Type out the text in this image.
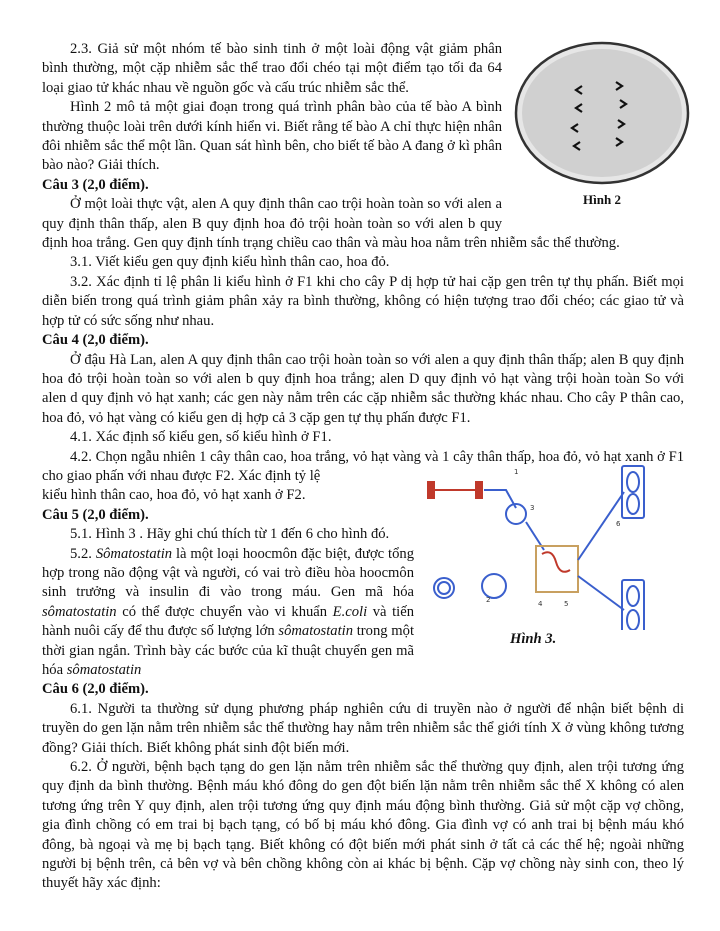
Hình 2

2.3. Giả sử một nhóm tế bào sinh tinh ở một loài động vật giảm phân bình thường, một cặp nhiễm sắc thể trao đổi chéo tại một điểm tạo tối đa 64 loại giao tử khác nhau về nguồn gốc và cấu trúc nhiễm sắc thể.

Hình 2 mô tả một giai đoạn trong quá trình phân bào của tế bào A bình thường thuộc loài trên dưới kính hiển vi. Biết rằng tế bào A chỉ thực hiện nhân đôi nhiễm sắc thể một lần. Quan sát hình bên, cho biết tế bào A đang ở kì phân bào nào? Giải thích.

Câu 3 (2,0 điểm).

Ở một loài thực vật, alen A quy định thân cao trội hoàn toàn so với alen a quy định thân thấp, alen B quy định hoa đỏ trội hoàn toàn so với alen b quy định hoa trắng. Gen quy định tính trạng chiều cao thân và màu hoa nằm trên nhiễm sắc thể thường.

3.1. Viết kiểu gen quy định kiểu hình thân cao, hoa đỏ.

3.2. Xác định tỉ lệ phân li kiểu hình ở F1 khi cho cây P dị hợp tử hai cặp gen trên tự thụ phấn. Biết mọi diễn biến trong quá trình giảm phân xảy ra bình thường, không có hiện tượng trao đổi chéo; các giao tử và hợp tử có sức sống như nhau.

Câu 4 (2,0 điểm).

Ở đậu Hà Lan, alen A quy định thân cao trội hoàn toàn so với alen a quy định thân thấp; alen B quy định hoa đỏ trội hoàn toàn so với alen b quy định hoa trắng; alen D quy định vỏ hạt vàng trội hoàn toàn So với alen d quy định vỏ hạt xanh; các gen này nằm trên các cặp nhiễm sắc thường khác nhau. Cho cây P thân cao, hoa đỏ, vỏ hạt vàng có kiểu gen dị hợp cả 3 cặp gen tự thụ phấn được F1.

4.1. Xác định số kiểu gen, số kiểu hình ở F1.

4.2. Chọn ngẫu nhiên 1 cây thân cao, hoa trắng, vỏ hạt vàng và 1 cây thân thấp, hoa đỏ, vỏ hạt xanh ở F1 cho giao phấn với nhau được F2. Xác định tỷ lệ

kiểu hình thân cao, hoa đỏ, vỏ hạt xanh ở F2.

Câu 5 (2,0 điểm).

5.1. Hình 3 . Hãy ghi chú thích từ 1 đến 6 cho hình đó.

5.2. Sômatostatin là một loại hoocmôn đặc biệt, được tổng hợp trong não động vật và người, có vai trò điều hòa hoocmôn sinh trưởng và insulin đi vào trong máu. Gen mã hóa sômatostatin có thể được chuyển vào vi khuẩn E.coli và tiến hành nuôi cấy để thu được số lượng lớn sômatostatin trong một thời gian ngắn. Trình bày các bước của kĩ thuật chuyển gen mã hóa sômatostatin

Câu 6 (2,0 điểm).

6.1. Người ta thường sử dụng phương pháp nghiên cứu di truyền nào ở người để nhận biết bệnh di truyền do gen lặn nằm trên nhiễm sắc thể thường hay nằm trên nhiễm sắc thể giới tính X ở vùng không tương đồng? Giải thích. Biết không phát sinh đột biến mới.

6.2. Ở người, bệnh bạch tạng do gen lặn nằm trên nhiễm sắc thể thường quy định, alen trội tương ứng quy định da bình thường. Bệnh máu khó đông do gen đột biến lặn nằm trên nhiễm sắc thể X không có alen tương ứng trên Y quy định, alen trội tương ứng quy định máu động bình thường. Giả sử một cặp vợ chồng, gia đình chồng có em trai bị bạch tạng, có bố bị máu khó đông. Gia đình vợ có anh trai bị bệnh máu khó đông, bà ngoại và mẹ bị bạch tạng. Biết không có đột biến mới phát sinh ở tất cả các thế hệ; ngoài những người bị bệnh trên, cả bên vợ và bên chồng không còn ai khác bị bệnh. Cặp vợ chồng này sinh con, theo lý thuyết hãy xác định:

1
2
3
4	5
6
Hình 3.
